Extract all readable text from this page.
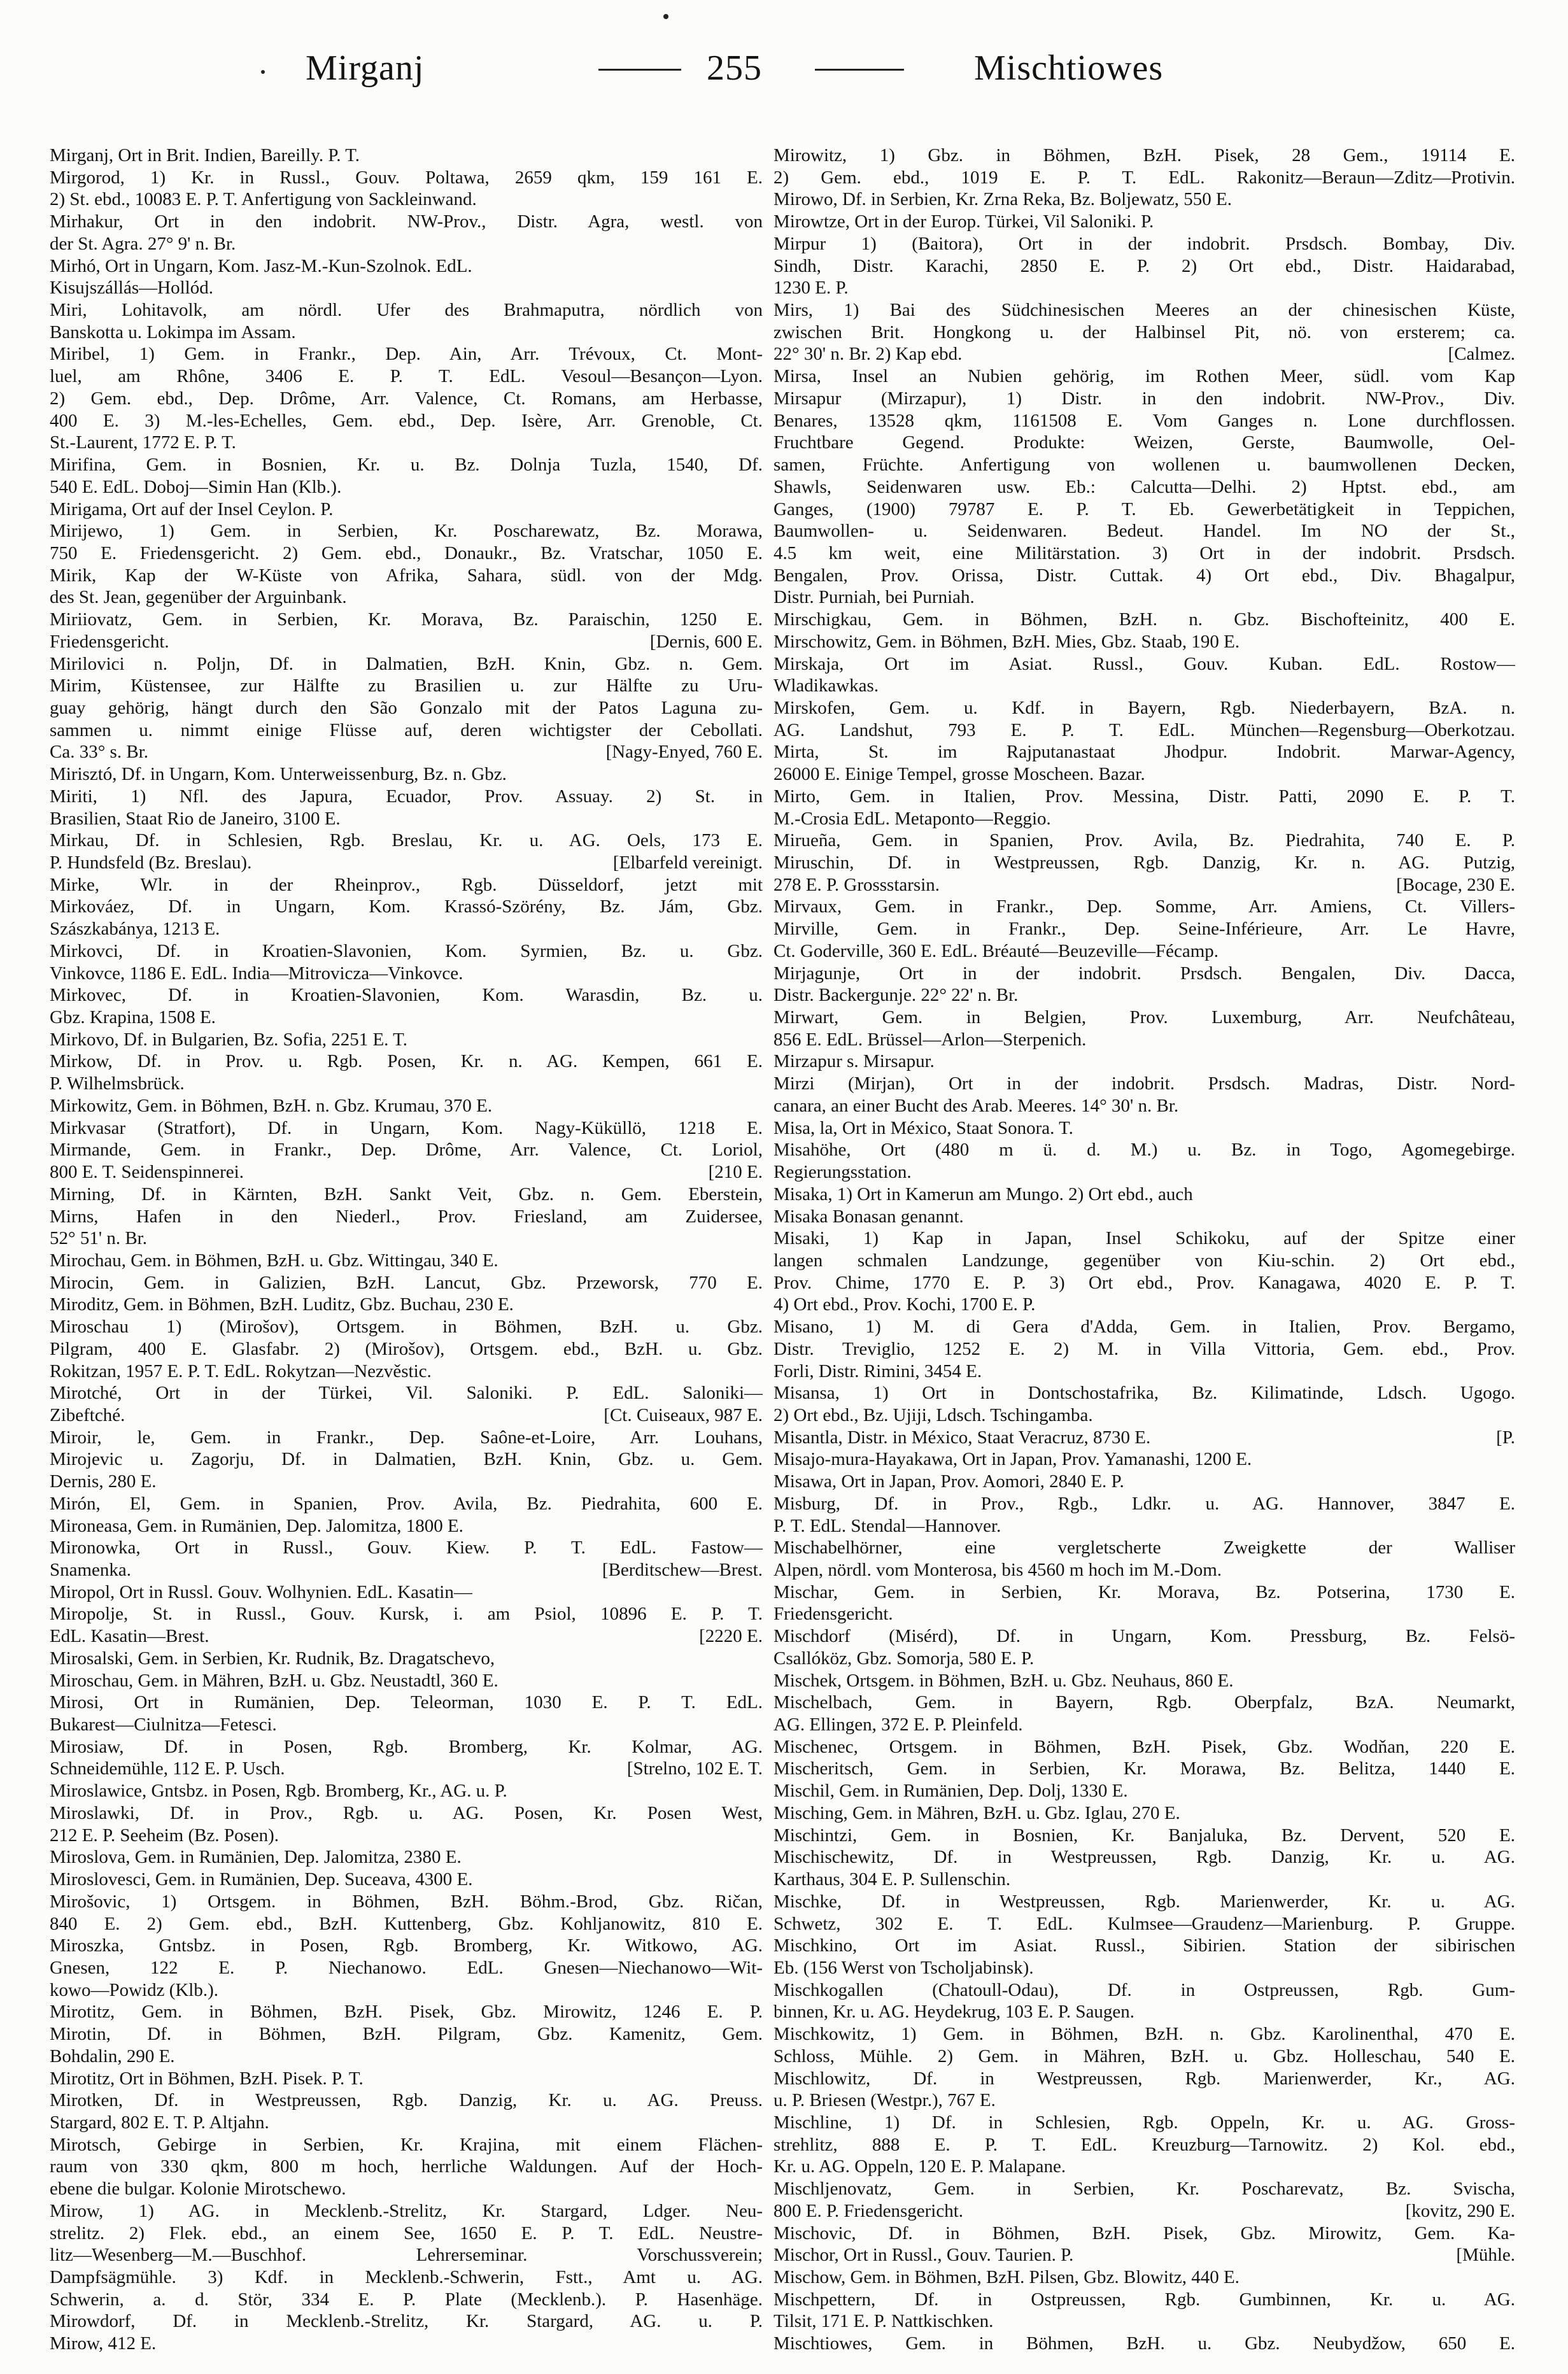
Mirganj	255	Mischtiowes
Mirganj, Ort in Brit. Indien, Bareilly. P. T.
Mirgorod, 1) Kr. in Russl., Gouv. Poltawa, 2659 qkm, 159 161 E.
2) St. ebd., 10083 E. P. T. Anfertigung von Sackleinwand.
Mirhakur, Ort in den indobrit. NW-Prov., Distr. Agra, westl. von
der St. Agra. 27° 9' n. Br.
Mirhó, Ort in Ungarn, Kom. Jasz-M.-Kun-Szolnok. EdL.
Kisujszállás—Hollód.
Miri, Lohitavolk, am nördl. Ufer des Brahmaputra, nördlich von
Banskotta u. Lokimpa im Assam.
Miribel, 1) Gem. in Frankr., Dep. Ain, Arr. Trévoux, Ct. Mont-
luel, am Rhône, 3406 E. P. T. EdL. Vesoul—Besançon—Lyon.
2) Gem. ebd., Dep. Drôme, Arr. Valence, Ct. Romans, am Herbasse,
400 E. 3) M.-les-Echelles, Gem. ebd., Dep. Isère, Arr. Grenoble, Ct.
St.-Laurent, 1772 E. P. T.
Mirifina, Gem. in Bosnien, Kr. u. Bz. Dolnja Tuzla, 1540, Df.
540 E. EdL. Doboj—Simin Han (Klb.).
Mirigama, Ort auf der Insel Ceylon. P.
Mirijewo, 1) Gem. in Serbien, Kr. Poscharewatz, Bz. Morawa,
750 E. Friedensgericht. 2) Gem. ebd., Donaukr., Bz. Vratschar, 1050 E.
Mirik, Kap der W-Küste von Afrika, Sahara, südl. von der Mdg.
des St. Jean, gegenüber der Arguinbank.
Miriiovatz, Gem. in Serbien, Kr. Morava, Bz. Paraischin, 1250 E.
Friedensgericht.	[Dernis, 600 E.
Mirilovici n. Poljn, Df. in Dalmatien, BzH. Knin, Gbz. n. Gem.
Mirim, Küstensee, zur Hälfte zu Brasilien u. zur Hälfte zu Uru-
guay gehörig, hängt durch den São Gonzalo mit der Patos Laguna zu-
sammen u. nimmt einige Flüsse auf, deren wichtigster der Cebollati.
Ca. 33° s. Br.	[Nagy-Enyed, 760 E.
Mirisztó, Df. in Ungarn, Kom. Unterweissenburg, Bz. n. Gbz.
Miriti, 1) Nfl. des Japura, Ecuador, Prov. Assuay. 2) St. in
Brasilien, Staat Rio de Janeiro, 3100 E.
Mirkau, Df. in Schlesien, Rgb. Breslau, Kr. u. AG. Oels, 173 E.
P. Hundsfeld (Bz. Breslau).	[Elbarfeld vereinigt.
Mirke, Wlr. in der Rheinprov., Rgb. Düsseldorf, jetzt mit
Mirkováez, Df. in Ungarn, Kom. Krassó-Szörény, Bz. Jám, Gbz.
Szászkabánya, 1213 E.
Mirkovci, Df. in Kroatien-Slavonien, Kom. Syrmien, Bz. u. Gbz.
Vinkovce, 1186 E. EdL. India—Mitrovicza—Vinkovce.
Mirkovec, Df. in Kroatien-Slavonien, Kom. Warasdin, Bz. u.
Gbz. Krapina, 1508 E.
Mirkovo, Df. in Bulgarien, Bz. Sofia, 2251 E. T.
Mirkow, Df. in Prov. u. Rgb. Posen, Kr. n. AG. Kempen, 661 E.
P. Wilhelmsbrück.
Mirkowitz, Gem. in Böhmen, BzH. n. Gbz. Krumau, 370 E.
Mirkvasar (Stratfort), Df. in Ungarn, Kom. Nagy-Küküllö, 1218 E.
Mirmande, Gem. in Frankr., Dep. Drôme, Arr. Valence, Ct. Loriol,
800 E. T. Seidenspinnerei.	[210 E.
Mirning, Df. in Kärnten, BzH. Sankt Veit, Gbz. n. Gem. Eberstein,
Mirns, Hafen in den Niederl., Prov. Friesland, am Zuidersee,
52° 51' n. Br.
Mirochau, Gem. in Böhmen, BzH. u. Gbz. Wittingau, 340 E.
Mirocin, Gem. in Galizien, BzH. Lancut, Gbz. Przeworsk, 770 E.
Miroditz, Gem. in Böhmen, BzH. Luditz, Gbz. Buchau, 230 E.
Miroschau 1) (Mirošov), Ortsgem. in Böhmen, BzH. u. Gbz.
Pilgram, 400 E. Glasfabr. 2) (Mirošov), Ortsgem. ebd., BzH. u. Gbz.
Rokitzan, 1957 E. P. T. EdL. Rokytzan—Nezvěstic.
Mirotché, Ort in der Türkei, Vil. Saloniki. P. EdL. Saloniki—
Zibeftché.	[Ct. Cuiseaux, 987 E.
Miroir, le, Gem. in Frankr., Dep. Saône-et-Loire, Arr. Louhans,
Mirojevic u. Zagorju, Df. in Dalmatien, BzH. Knin, Gbz. u. Gem.
Dernis, 280 E.
Mirón, El, Gem. in Spanien, Prov. Avila, Bz. Piedrahita, 600 E.
Mironeasa, Gem. in Rumänien, Dep. Jalomitza, 1800 E.
Mironowka, Ort in Russl., Gouv. Kiew. P. T. EdL. Fastow—
Snamenka.	[Berditschew—Brest.
Miropol, Ort in Russl. Gouv. Wolhynien. EdL. Kasatin—
Miropolje, St. in Russl., Gouv. Kursk, i. am Psiol, 10896 E. P. T.
EdL. Kasatin—Brest.	[2220 E.
Mirosalski, Gem. in Serbien, Kr. Rudnik, Bz. Dragatschevo,
Miroschau, Gem. in Mähren, BzH. u. Gbz. Neustadtl, 360 E.
Mirosi, Ort in Rumänien, Dep. Teleorman, 1030 E. P. T. EdL.
Bukarest—Ciulnitza—Fetesci.
Mirosiaw, Df. in Posen, Rgb. Bromberg, Kr. Kolmar, AG.
Schneidemühle, 112 E. P. Usch.	[Strelno, 102 E. T.
Miroslawice, Gntsbz. in Posen, Rgb. Bromberg, Kr., AG. u. P.
Miroslawki, Df. in Prov., Rgb. u. AG. Posen, Kr. Posen West,
212 E. P. Seeheim (Bz. Posen).
Miroslova, Gem. in Rumänien, Dep. Jalomitza, 2380 E.
Miroslovesci, Gem. in Rumänien, Dep. Suceava, 4300 E.
Mirošovic, 1) Ortsgem. in Böhmen, BzH. Böhm.-Brod, Gbz. Ričan,
840 E. 2) Gem. ebd., BzH. Kuttenberg, Gbz. Kohljanowitz, 810 E.
Miroszka, Gntsbz. in Posen, Rgb. Bromberg, Kr. Witkowo, AG.
Gnesen, 122 E. P. Niechanowo. EdL. Gnesen—Niechanowo—Wit-
kowo—Powidz (Klb.).
Mirotitz, Gem. in Böhmen, BzH. Pisek, Gbz. Mirowitz, 1246 E. P.
Mirotin, Df. in Böhmen, BzH. Pilgram, Gbz. Kamenitz, Gem.
Bohdalin, 290 E.
Mirotitz, Ort in Böhmen, BzH. Pisek. P. T.
Mirotken, Df. in Westpreussen, Rgb. Danzig, Kr. u. AG. Preuss.
Stargard, 802 E. T. P. Altjahn.
Mirotsch, Gebirge in Serbien, Kr. Krajina, mit einem Flächen-
raum von 330 qkm, 800 m hoch, herrliche Waldungen. Auf der Hoch-
ebene die bulgar. Kolonie Mirotschewo.
Mirow, 1) AG. in Mecklenb.-Strelitz, Kr. Stargard, Ldger. Neu-
strelitz. 2) Flek. ebd., an einem See, 1650 E. P. T. EdL. Neustre-
litz—Wesenberg—M.—Buschhof. Lehrerseminar. Vorschussverein;
Dampfsägmühle. 3) Kdf. in Mecklenb.-Schwerin, Fstt., Amt u. AG.
Schwerin, a. d. Stör, 334 E. P. Plate (Mecklenb.). P. Hasenhäge.
Mirowdorf, Df. in Mecklenb.-Strelitz, Kr. Stargard, AG. u. P.
Mirow, 412 E.
Mirowitz, 1) Gbz. in Böhmen, BzH. Pisek, 28 Gem., 19114 E.
2) Gem. ebd., 1019 E. P. T. EdL. Rakonitz—Beraun—Zditz—Protivin.
Mirowo, Df. in Serbien, Kr. Zrna Reka, Bz. Boljewatz, 550 E.
Mirowtze, Ort in der Europ. Türkei, Vil Saloniki. P.
Mirpur 1) (Baitora), Ort in der indobrit. Prsdsch. Bombay, Div.
Sindh, Distr. Karachi, 2850 E. P. 2) Ort ebd., Distr. Haidarabad,
1230 E. P.
Mirs, 1) Bai des Südchinesischen Meeres an der chinesischen Küste,
zwischen Brit. Hongkong u. der Halbinsel Pit, nö. von ersterem; ca.
22° 30' n. Br. 2) Kap ebd.	[Calmez.
Mirsa, Insel an Nubien gehörig, im Rothen Meer, südl. vom Kap
Mirsapur (Mirzapur), 1) Distr. in den indobrit. NW-Prov., Div.
Benares, 13528 qkm, 1161508 E. Vom Ganges n. Lone durchflossen.
Fruchtbare Gegend. Produkte: Weizen, Gerste, Baumwolle, Oel-
samen, Früchte. Anfertigung von wollenen u. baumwollenen Decken,
Shawls, Seidenwaren usw. Eb.: Calcutta—Delhi. 2) Hptst. ebd., am
Ganges, (1900) 79787 E. P. T. Eb. Gewerbetätigkeit in Teppichen,
Baumwollen- u. Seidenwaren. Bedeut. Handel. Im NO der St.,
4.5 km weit, eine Militärstation. 3) Ort in der indobrit. Prsdsch.
Bengalen, Prov. Orissa, Distr. Cuttak. 4) Ort ebd., Div. Bhagalpur,
Distr. Purniah, bei Purniah.
Mirschigkau, Gem. in Böhmen, BzH. n. Gbz. Bischofteinitz, 400 E.
Mirschowitz, Gem. in Böhmen, BzH. Mies, Gbz. Staab, 190 E.
Mirskaja, Ort im Asiat. Russl., Gouv. Kuban. EdL. Rostow—
Wladikawkas.
Mirskofen, Gem. u. Kdf. in Bayern, Rgb. Niederbayern, BzA. n.
AG. Landshut, 793 E. P. T. EdL. München—Regensburg—Oberkotzau.
Mirta, St. im Rajputanastaat Jhodpur. Indobrit. Marwar-Agency,
26000 E. Einige Tempel, grosse Moscheen. Bazar.
Mirto, Gem. in Italien, Prov. Messina, Distr. Patti, 2090 E. P. T.
M.-Crosia EdL. Metaponto—Reggio.
Mirueña, Gem. in Spanien, Prov. Avila, Bz. Piedrahita, 740 E. P.
Miruschin, Df. in Westpreussen, Rgb. Danzig, Kr. n. AG. Putzig,
278 E. P. Grossstarsin.	[Bocage, 230 E.
Mirvaux, Gem. in Frankr., Dep. Somme, Arr. Amiens, Ct. Villers-
Mirville, Gem. in Frankr., Dep. Seine-Inférieure, Arr. Le Havre,
Ct. Goderville, 360 E. EdL. Bréauté—Beuzeville—Fécamp.
Mirjagunje, Ort in der indobrit. Prsdsch. Bengalen, Div. Dacca,
Distr. Backergunje. 22° 22' n. Br.
Mirwart, Gem. in Belgien, Prov. Luxemburg, Arr. Neufchâteau,
856 E. EdL. Brüssel—Arlon—Sterpenich.
Mirzapur s. Mirsapur.
Mirzi (Mirjan), Ort in der indobrit. Prsdsch. Madras, Distr. Nord-
canara, an einer Bucht des Arab. Meeres. 14° 30' n. Br.
Misa, la, Ort in México, Staat Sonora. T.
Misahöhe, Ort (480 m ü. d. M.) u. Bz. in Togo, Agomegebirge.
Regierungsstation.
Misaka, 1) Ort in Kamerun am Mungo. 2) Ort ebd., auch
Misaka Bonasan genannt.
Misaki, 1) Kap in Japan, Insel Schikoku, auf der Spitze einer
langen schmalen Landzunge, gegenüber von Kiu-schin. 2) Ort ebd.,
Prov. Chime, 1770 E. P. 3) Ort ebd., Prov. Kanagawa, 4020 E. P. T.
4) Ort ebd., Prov. Kochi, 1700 E. P.
Misano, 1) M. di Gera d'Adda, Gem. in Italien, Prov. Bergamo,
Distr. Treviglio, 1252 E. 2) M. in Villa Vittoria, Gem. ebd., Prov.
Forli, Distr. Rimini, 3454 E.
Misansa, 1) Ort in Dontschostafrika, Bz. Kilimatinde, Ldsch. Ugogo.
2) Ort ebd., Bz. Ujiji, Ldsch. Tschingamba.
Misantla, Distr. in México, Staat Veracruz, 8730 E.	[P.
Misajo-mura-Hayakawa, Ort in Japan, Prov. Yamanashi, 1200 E.
Misawa, Ort in Japan, Prov. Aomori, 2840 E. P.
Misburg, Df. in Prov., Rgb., Ldkr. u. AG. Hannover, 3847 E.
P. T. EdL. Stendal—Hannover.
Mischabelhörner, eine vergletscherte Zweigkette der Walliser
Alpen, nördl. vom Monterosa, bis 4560 m hoch im M.-Dom.
Mischar, Gem. in Serbien, Kr. Morava, Bz. Potserina, 1730 E.
Friedensgericht.
Mischdorf (Misérd), Df. in Ungarn, Kom. Pressburg, Bz. Felsö-
Csallóköz, Gbz. Somorja, 580 E. P.
Mischek, Ortsgem. in Böhmen, BzH. u. Gbz. Neuhaus, 860 E.
Mischelbach, Gem. in Bayern, Rgb. Oberpfalz, BzA. Neumarkt,
AG. Ellingen, 372 E. P. Pleinfeld.
Mischenec, Ortsgem. in Böhmen, BzH. Pisek, Gbz. Wodňan, 220 E.
Mischeritsch, Gem. in Serbien, Kr. Morawa, Bz. Belitza, 1440 E.
Mischil, Gem. in Rumänien, Dep. Dolj, 1330 E.
Misching, Gem. in Mähren, BzH. u. Gbz. Iglau, 270 E.
Mischintzi, Gem. in Bosnien, Kr. Banjaluka, Bz. Dervent, 520 E.
Mischischewitz, Df. in Westpreussen, Rgb. Danzig, Kr. u. AG.
Karthaus, 304 E. P. Sullenschin.
Mischke, Df. in Westpreussen, Rgb. Marienwerder, Kr. u. AG.
Schwetz, 302 E. T. EdL. Kulmsee—Graudenz—Marienburg. P. Gruppe.
Mischkino, Ort im Asiat. Russl., Sibirien. Station der sibirischen
Eb. (156 Werst von Tscholjabinsk).
Mischkogallen (Chatoull-Odau), Df. in Ostpreussen, Rgb. Gum-
binnen, Kr. u. AG. Heydekrug, 103 E. P. Saugen.
Mischkowitz, 1) Gem. in Böhmen, BzH. n. Gbz. Karolinenthal, 470 E.
Schloss, Mühle. 2) Gem. in Mähren, BzH. u. Gbz. Holleschau, 540 E.
Mischlowitz, Df. in Westpreussen, Rgb. Marienwerder, Kr., AG.
u. P. Briesen (Westpr.), 767 E.
Mischline, 1) Df. in Schlesien, Rgb. Oppeln, Kr. u. AG. Gross-
strehlitz, 888 E. P. T. EdL. Kreuzburg—Tarnowitz. 2) Kol. ebd.,
Kr. u. AG. Oppeln, 120 E. P. Malapane.
Mischljenovatz, Gem. in Serbien, Kr. Poscharevatz, Bz. Svischa,
800 E. P. Friedensgericht.	[kovitz, 290 E.
Mischovic, Df. in Böhmen, BzH. Pisek, Gbz. Mirowitz, Gem. Ka-
Mischor, Ort in Russl., Gouv. Taurien. P.	[Mühle.
Mischow, Gem. in Böhmen, BzH. Pilsen, Gbz. Blowitz, 440 E.
Mischpettern, Df. in Ostpreussen, Rgb. Gumbinnen, Kr. u. AG.
Tilsit, 171 E. P. Nattkischken.
Mischtiowes, Gem. in Böhmen, BzH. u. Gbz. Neubydžow, 650 E.
